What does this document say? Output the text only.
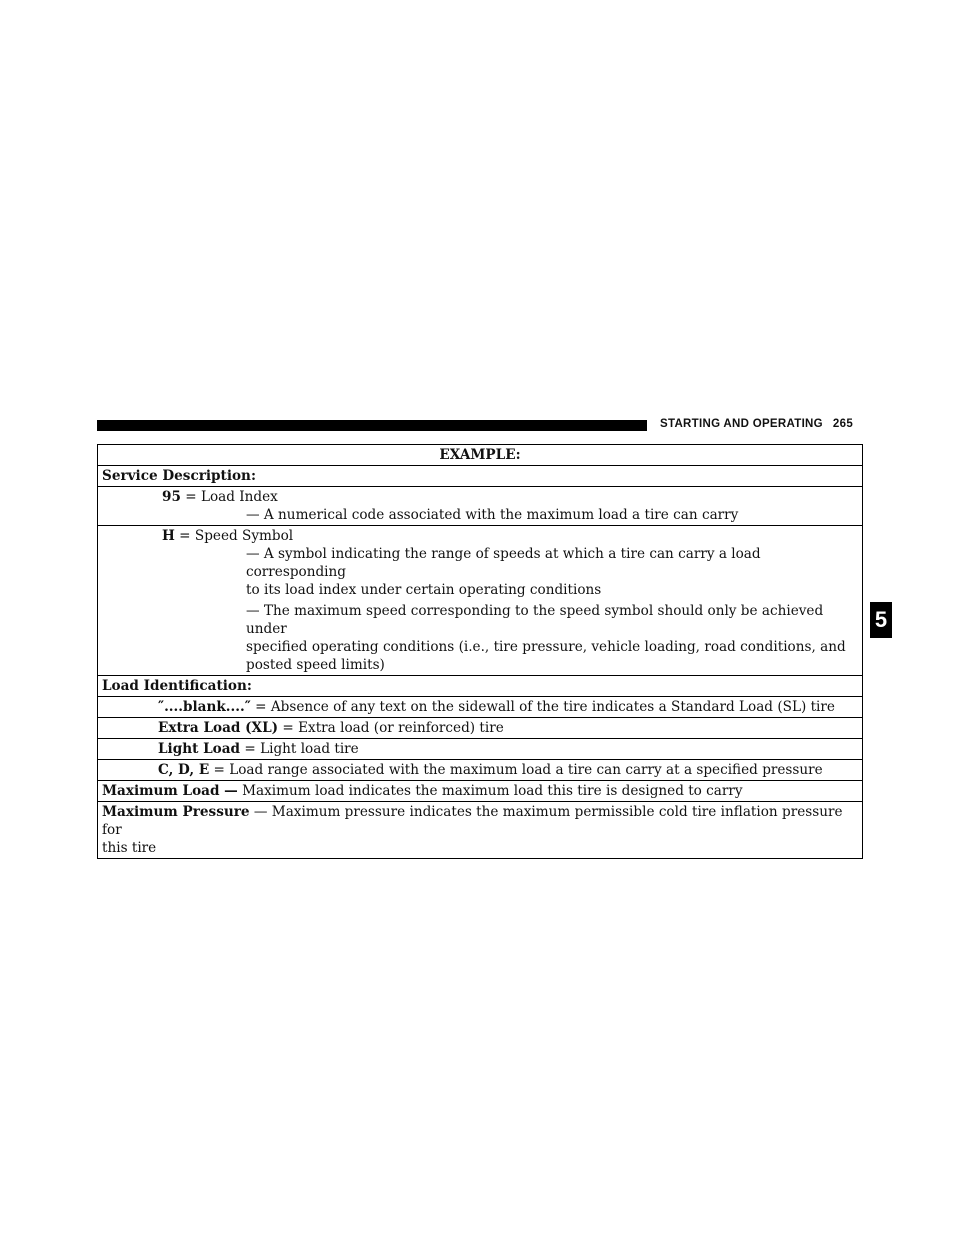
STARTING AND OPERATING 265
5
EXAMPLE:
Service Description:
95 = Load Index
— A numerical code associated with the maximum load a tire can carry
H = Speed Symbol
— A symbol indicating the range of speeds at which a tire can carry a load corresponding
to its load index under certain operating conditions
— The maximum speed corresponding to the speed symbol should only be achieved under
specified operating conditions (i.e., tire pressure, vehicle loading, road conditions, and
posted speed limits)
Load Identification:
″....blank....″ = Absence of any text on the sidewall of the tire indicates a Standard Load (SL) tire
Extra Load (XL) = Extra load (or reinforced) tire
Light Load = Light load tire
C, D, E = Load range associated with the maximum load a tire can carry at a specified pressure
Maximum Load — Maximum load indicates the maximum load this tire is designed to carry
Maximum Pressure — Maximum pressure indicates the maximum permissible cold tire inflation pressure for
this tire
